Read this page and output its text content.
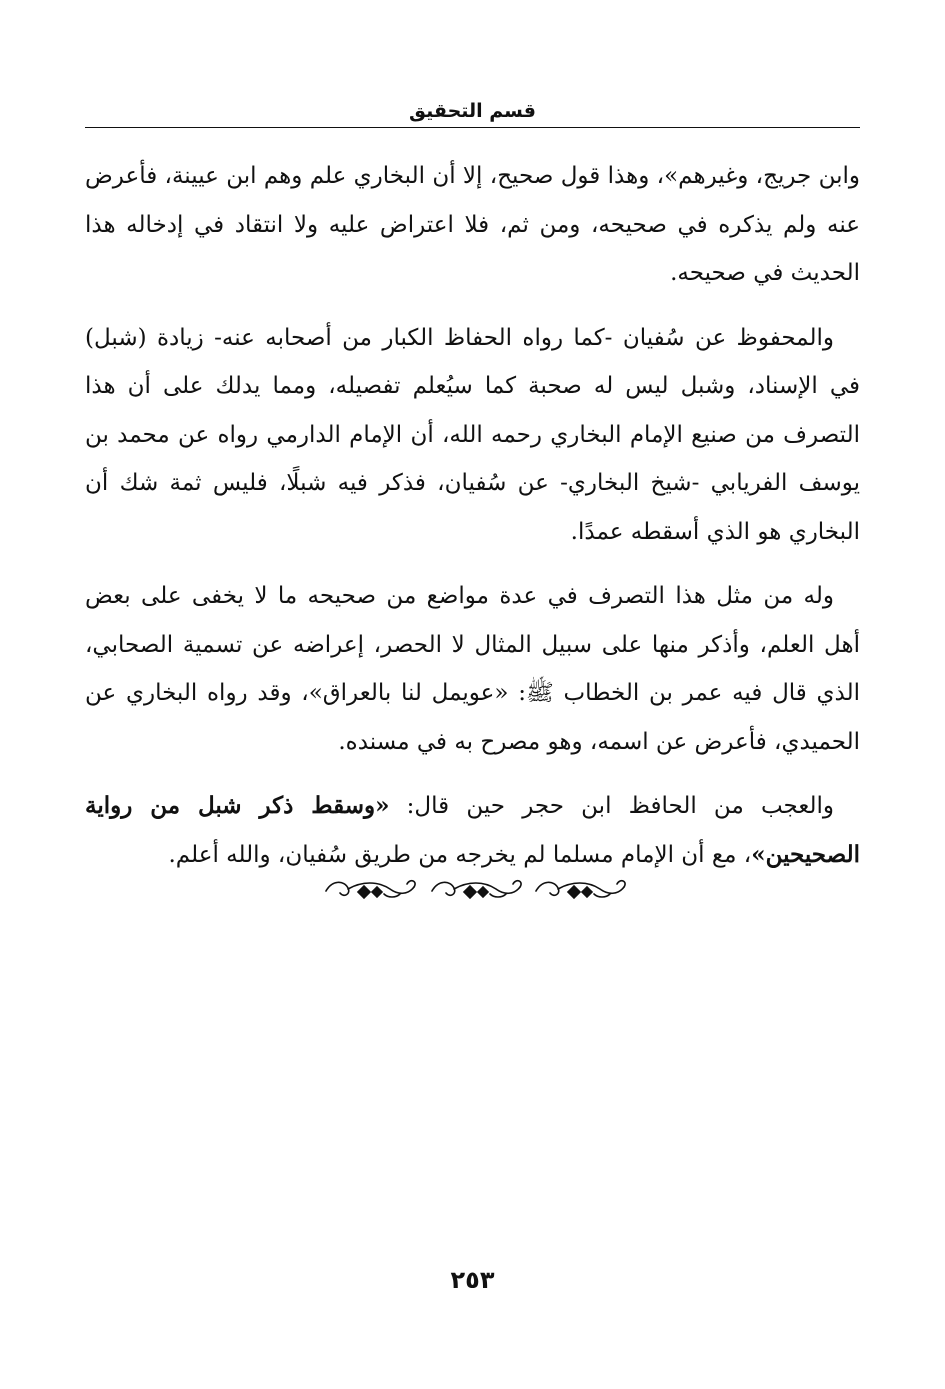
قسم التحقيق

وابن جريج، وغيرهم»، وهذا قول صحيح، إلا أن البخاري علم وهم ابن عيينة، فأعرض عنه ولم يذكره في صحيحه، ومن ثم، فلا اعتراض عليه ولا انتقاد في إدخاله هذا الحديث في صحيحه.

والمحفوظ عن سُفيان -كما رواه الحفاظ الكبار من أصحابه عنه- زيادة (شبل) في الإسناد، وشبل ليس له صحبة كما سيُعلم تفصيله، ومما يدلك على أن هذا التصرف من صنيع الإمام البخاري رحمه الله، أن الإمام الدارمي رواه عن محمد بن يوسف الفريابي -شيخ البخاري- عن سُفيان، فذكر فيه شبلًا، فليس ثمة شك أن البخاري هو الذي أسقطه عمدًا.

وله من مثل هذا التصرف في عدة مواضع من صحيحه ما لا يخفى على بعض أهل العلم، وأذكر منها على سبيل المثال لا الحصر، إعراضه عن تسمية الصحابي، الذي قال فيه عمر بن الخطاب ﷺ: «عويمل لنا بالعراق»، وقد رواه البخاري عن الحميدي، فأعرض عن اسمه، وهو مصرح به في مسنده.

والعجب من الحافظ ابن حجر حين قال: «وسقط ذكر شبل من رواية الصحيحين»، مع أن الإمام مسلما لم يخرجه من طريق سُفيان، والله أعلم.

٢٥٣
